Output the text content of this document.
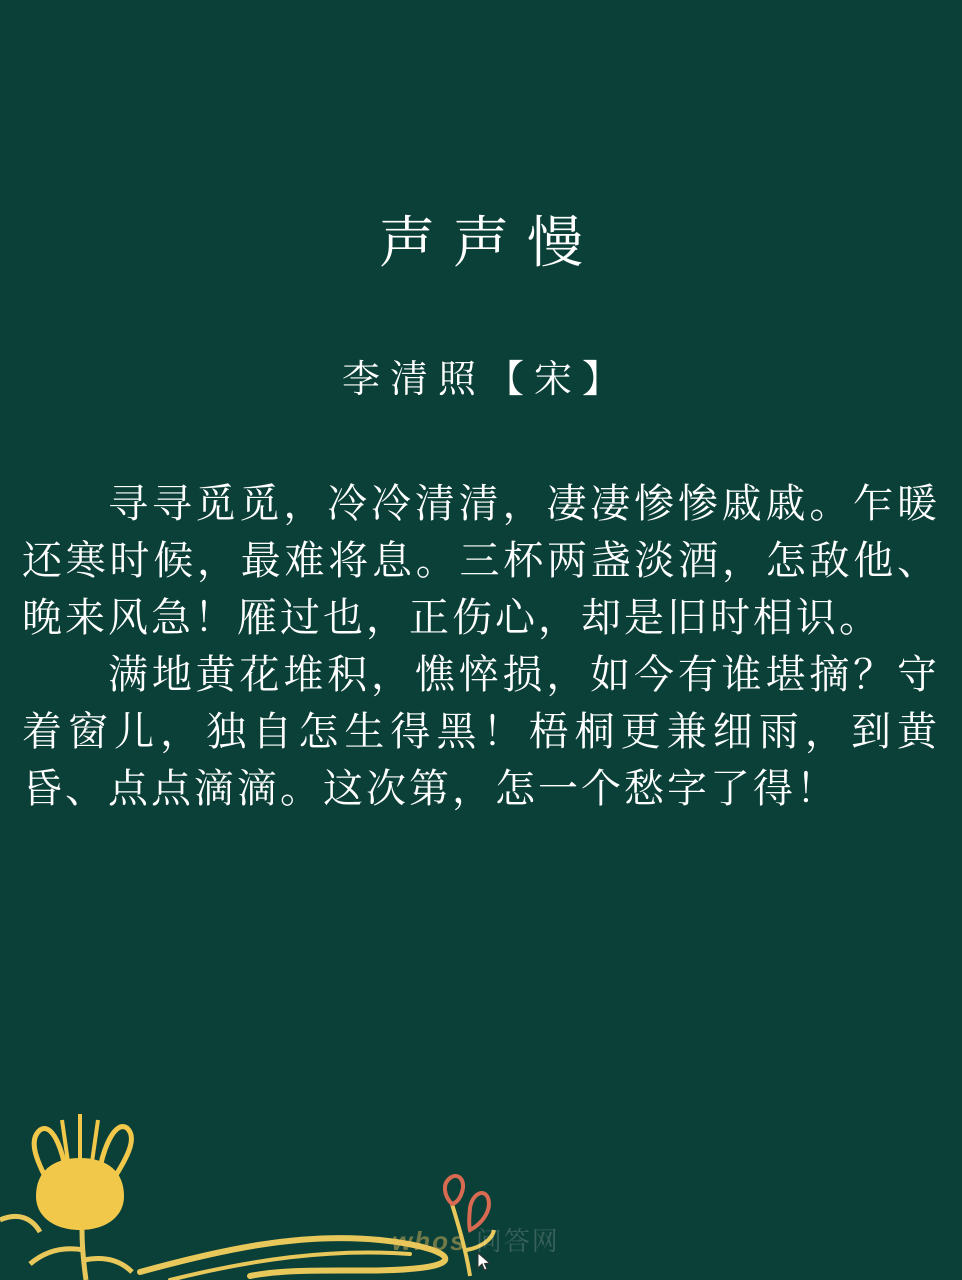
声声慢
李清照【宋】

寻寻觅觅，冷冷清清，凄凄惨惨戚戚。乍暖还寒时候，最难将息。三杯两盏淡酒，怎敌他、晚来风急！雁过也，正伤心，却是旧时相识。

满地黄花堆积，憔悴损，如今有谁堪摘？守着窗儿，独自怎生得黑！梧桐更兼细雨，到黄昏、点点滴滴。这次第，怎一个愁字了得！

whos 问答网
